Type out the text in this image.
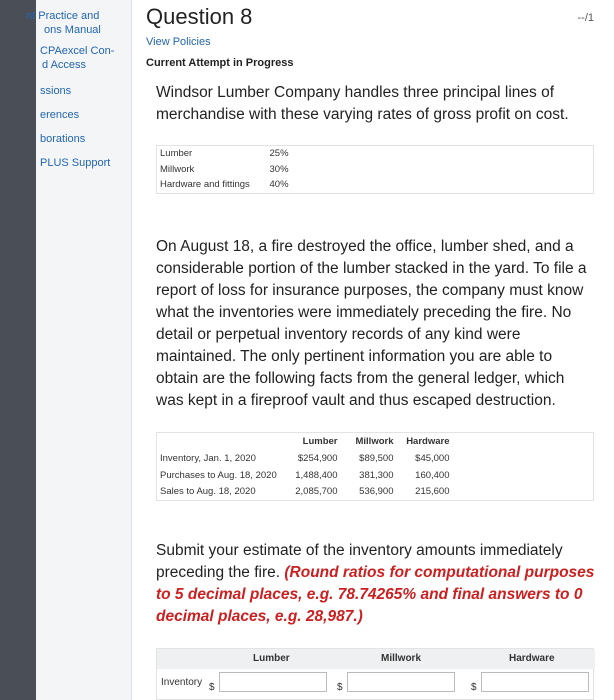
nt Practice and
ons Manual
CPAexcel Con-
d Access
ssions
erences
borations
PLUS Support
Question 8	--/1
View Policies
Current Attempt in Progress
Windsor Lumber Company handles three principal lines of merchandise with these varying rates of gross profit on cost.
Lumber	25%
Millwork	30%
Hardware and fittings	40%
On August 18, a fire destroyed the office, lumber shed, and a considerable portion of the lumber stacked in the yard. To file a report of loss for insurance purposes, the company must know what the inventories were immediately preceding the fire. No detail or perpetual inventory records of any kind were maintained. The only pertinent information you are able to obtain are the following facts from the general ledger, which was kept in a fireproof vault and thus escaped destruction.
	Lumber	Millwork	Hardware	
Inventory, Jan. 1, 2020	$254,900	$89,500	$45,000	
Purchases to Aug. 18, 2020	1,488,400	381,300	160,400	
Sales to Aug. 18, 2020	2,085,700	536,900	215,600	
Submit your estimate of the inventory amounts immediately preceding the fire. (Round ratios for computational purposes to 5 decimal places, e.g. 78.74265% and final answers to 0 decimal places, e.g. 28,987.)
Lumber	Millwork	Hardware
Inventory $	$	$
